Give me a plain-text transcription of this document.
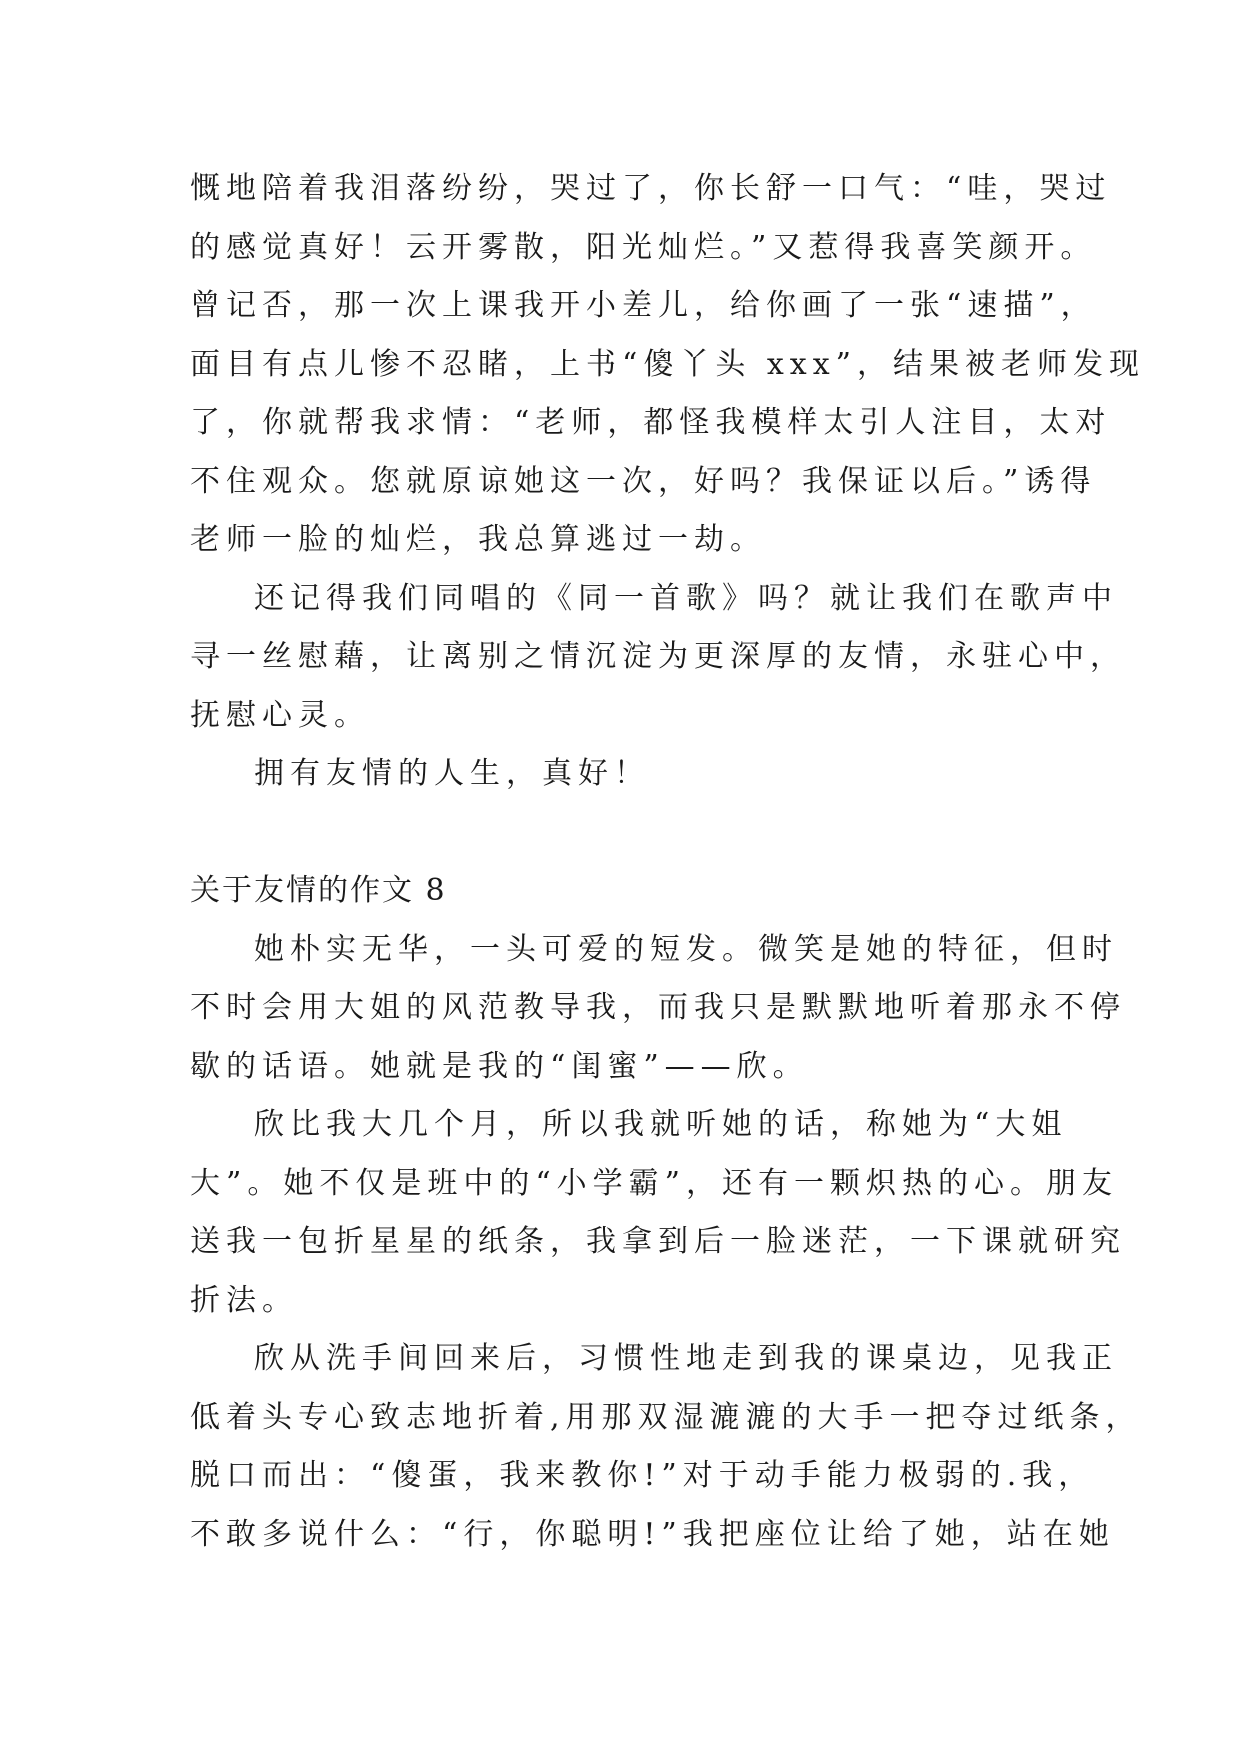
慨地陪着我泪落纷纷，哭过了，你长舒一口气：“哇，哭过
的感觉真好！云开雾散，阳光灿烂。”又惹得我喜笑颜开。
曾记否，那一次上课我开小差儿，给你画了一张“速描”，
面目有点儿惨不忍睹，上书“傻丫头 xxx”，结果被老师发现
了，你就帮我求情：“老师，都怪我模样太引人注目，太对
不住观众。您就原谅她这一次，好吗？我保证以后。”诱得
老师一脸的灿烂，我总算逃过一劫。
还记得我们同唱的《同一首歌》吗？就让我们在歌声中
寻一丝慰藉，让离别之情沉淀为更深厚的友情，永驻心中，
抚慰心灵。
拥有友情的人生，真好！
关于友情的作文 8
她朴实无华，一头可爱的短发。微笑是她的特征，但时
不时会用大姐的风范教导我，而我只是默默地听着那永不停
歇的话语。她就是我的“闺蜜”——欣。
欣比我大几个月，所以我就听她的话，称她为“大姐
大”。她不仅是班中的“小学霸”，还有一颗炽热的心。朋友
送我一包折星星的纸条，我拿到后一脸迷茫，一下课就研究
折法。
欣从洗手间回来后，习惯性地走到我的课桌边，见我正
低着头专心致志地折着,用那双湿漉漉的大手一把夺过纸条，
脱口而出：“傻蛋，我来教你!”对于动手能力极弱的.我，
不敢多说什么：“行，你聪明!”我把座位让给了她，站在她
